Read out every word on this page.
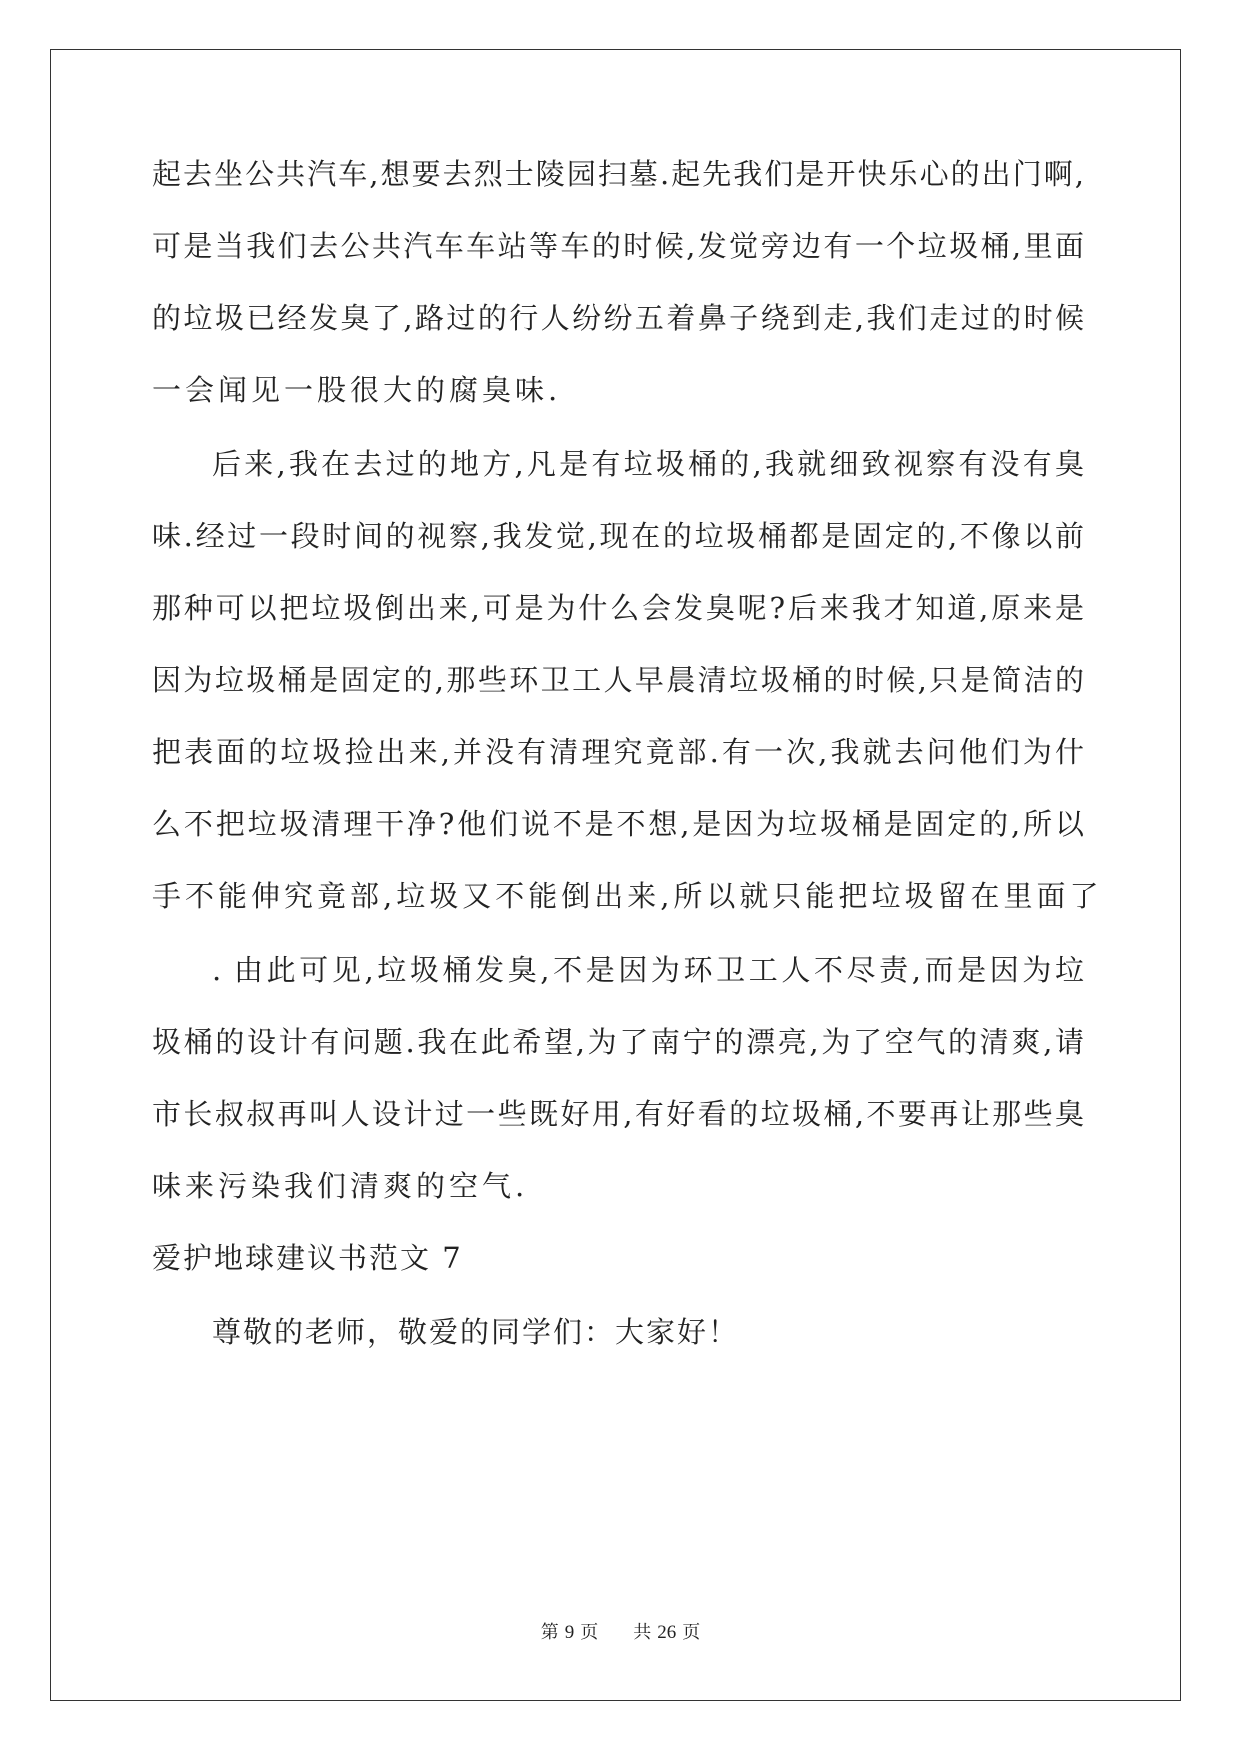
起去坐公共汽车,想要去烈士陵园扫墓.起先我们是开快乐心的出门啊,
可是当我们去公共汽车车站等车的时候,发觉旁边有一个垃圾桶,里面
的垃圾已经发臭了,路过的行人纷纷五着鼻子绕到走,我们走过的时候
一会闻见一股很大的腐臭味.
后来,我在去过的地方,凡是有垃圾桶的,我就细致视察有没有臭
味.经过一段时间的视察,我发觉,现在的垃圾桶都是固定的,不像以前
那种可以把垃圾倒出来,可是为什么会发臭呢?后来我才知道,原来是
因为垃圾桶是固定的,那些环卫工人早晨清垃圾桶的时候,只是简洁的
把表面的垃圾捡出来,并没有清理究竟部.有一次,我就去问他们为什
么不把垃圾清理干净?他们说不是不想,是因为垃圾桶是固定的,所以
手不能伸究竟部,垃圾又不能倒出来,所以就只能把垃圾留在里面了
. 由此可见,垃圾桶发臭,不是因为环卫工人不尽责,而是因为垃
圾桶的设计有问题.我在此希望,为了南宁的漂亮,为了空气的清爽,请
市长叔叔再叫人设计过一些既好用,有好看的垃圾桶,不要再让那些臭
味来污染我们清爽的空气.
爱护地球建议书范文 7
尊敬的老师，敬爱的同学们：大家好！
第 9 页 共 26 页
